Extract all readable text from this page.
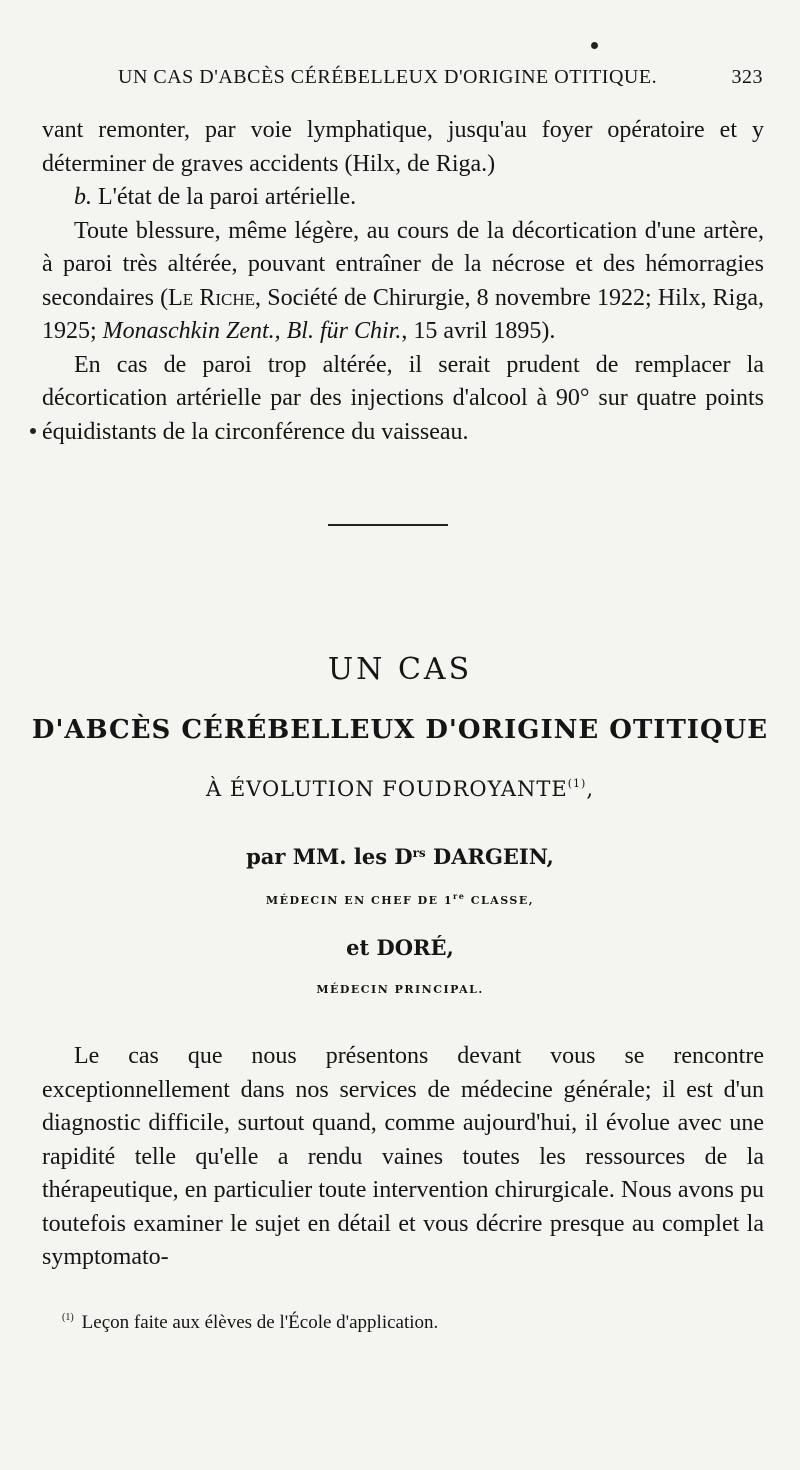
UN CAS D'ABCÈS CÉRÉBELLEUX D'ORIGINE OTITIQUE.	323

vant remonter, par voie lymphatique, jusqu'au foyer opératoire et y déterminer de graves accidents (Hilx, de Riga.)

b. L'état de la paroi artérielle.

Toute blessure, même légère, au cours de la décortication d'une artère, à paroi très altérée, pouvant entraîner de la nécrose et des hémorragies secondaires (Le Riche, Société de Chirurgie, 8 novembre 1922; Hilx, Riga, 1925; Monaschkin Zent., Bl. für Chir., 15 avril 1895).

En cas de paroi trop altérée, il serait prudent de remplacer la décortication artérielle par des injections d'alcool à 90° sur quatre points équidistants de la circonférence du vaisseau.

UN CAS
D'ABCÈS CÉRÉBELLEUX D'ORIGINE OTITIQUE
À ÉVOLUTION FOUDROYANTE$^{(1)}$,
par MM. les $D^{rs}$ DARGEIN,
MÉDECIN EN CHEF DE 1re CLASSE,
et DORÉ,
MÉDECIN PRINCIPAL.

Le cas que nous présentons devant vous se rencontre exceptionnellement dans nos services de médecine générale; il est d'un diagnostic difficile, surtout quand, comme aujourd'hui, il évolue avec une rapidité telle qu'elle a rendu vaines toutes les ressources de la thérapeutique, en particulier toute intervention chirurgicale. Nous avons pu toutefois examiner le sujet en détail et vous décrire presque au complet la symptomato-

$^{(1)}$ Leçon faite aux élèves de l'École d'application.
